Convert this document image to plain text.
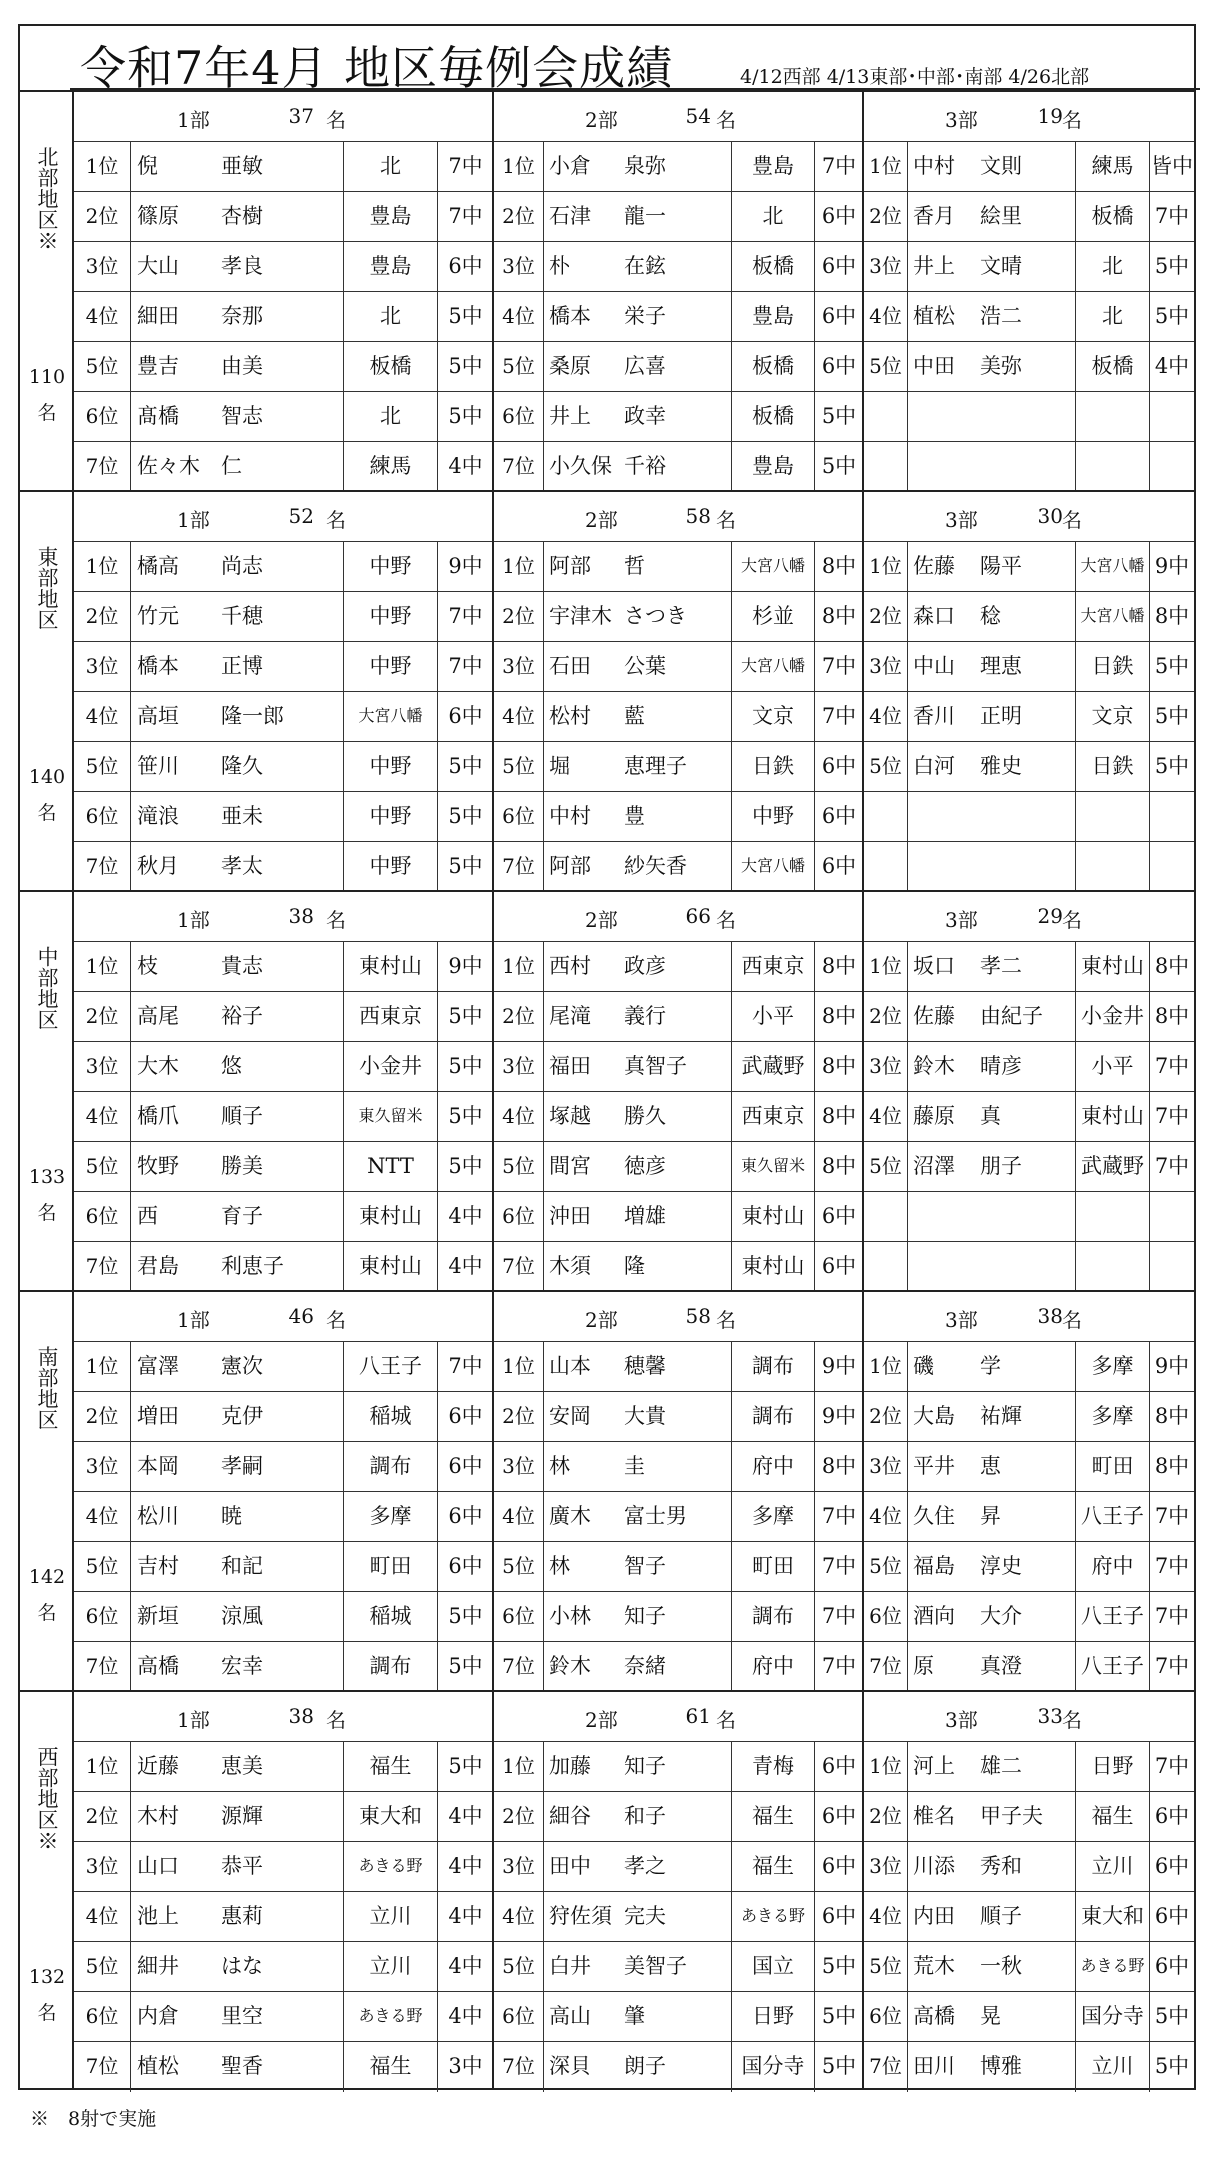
令和7年4月 地区毎例会成績	4/12西部 4/13東部･中部･南部 4/26北部
北部地区※
110
名
1部	37 名
1位 倪	亜敏	北	7中
2位 篠原	杏樹	豊島	7中
3位 大山	孝良	豊島	6中
4位 細田	奈那	北	5中
5位 豊吉	由美	板橋	5中
6位 髙橋	智志	北	5中
7位 佐々木	仁	練馬	4中
2部	54 名
1位 小倉	泉弥	豊島	7中
2位 石津	龍一	北	6中
3位 朴	在鉉	板橋	6中
4位 橋本	栄子	豊島	6中
5位 桑原	広喜	板橋	6中
6位 井上	政幸	板橋	5中
7位 小久保 千裕	豊島	5中
3部	19 名
1位 中村	文則	練馬 皆中
2位 香月	絵里	板橋	7中
3位 井上	文晴	北	5中
4位 植松	浩二	北	5中
5位 中田	美弥	板橋	4中
東部地区
140
名
1部	52 名
1位 橘高	尚志	中野	9中
2位 竹元	千穂	中野	7中
3位 橋本	正博	中野	7中
4位 高垣	隆一郎	大宮八幡	6中
5位 笹川	隆久	中野	5中
6位 滝浪	亜未	中野	5中
7位 秋月	孝太	中野	5中
2部	58 名
1位 阿部	哲	大宮八幡 8中
2位 宇津木 さつき	杉並	8中
3位 石田	公葉	大宮八幡 7中
4位 松村	藍	文京	7中
5位 堀	恵理子	日鉄	6中
6位 中村	豊	中野	6中
7位 阿部	紗矢香	大宮八幡 6中
3部	30 名
1位 佐藤	陽平	大宮八幡 9中
2位 森口	稔	大宮八幡 8中
3位 中山	理恵	日鉄	5中
4位 香川	正明	文京	5中
5位 白河	雅史	日鉄	5中
中部地区
133
名
1部	38 名
1位 枝	貴志	東村山	9中
2位 高尾	裕子	西東京	5中
3位 大木	悠	小金井	5中
4位 橋爪	順子	東久留米	5中
5位 牧野	勝美	NTT	5中
6位 西	育子	東村山	4中
7位 君島	利恵子	東村山	4中
2部	66 名
1位 西村	政彦	西東京 8中
2位 尾滝	義行	小平	8中
3位 福田	真智子	武蔵野 8中
4位 塚越	勝久	西東京 8中
5位 間宮	徳彦	東久留米 8中
6位 沖田	増雄	東村山 6中
7位 木須	隆	東村山 6中
3部	29 名
1位 坂口	孝二	東村山 8中
2位 佐藤	由紀子	小金井 8中
3位 鈴木	晴彦	小平	7中
4位 藤原	真	東村山 7中
5位 沼澤	朋子	武蔵野 7中
南部地区
142
名
1部	46 名
1位 富澤	憲次	八王子	7中
2位 増田	克伊	稲城	6中
3位 本岡	孝嗣	調布	6中
4位 松川	暁	多摩	6中
5位 吉村	和記	町田	6中
6位 新垣	涼風	稲城	5中
7位 高橋	宏幸	調布	5中
2部	58 名
1位 山本	穂馨	調布	9中
2位 安岡	大貴	調布	9中
3位 林	圭	府中	8中
4位 廣木	富士男	多摩	7中
5位 林	智子	町田	7中
6位 小林	知子	調布	7中
7位 鈴木	奈緒	府中	7中
3部	38 名
1位 磯	学	多摩	9中
2位 大島	祐輝	多摩	8中
3位 平井	恵	町田	8中
4位 久住	昇	八王子 7中
5位 福島	淳史	府中	7中
6位 酒向	大介	八王子 7中
7位 原	真澄	八王子 7中
西部地区※
132
名
1部	38 名
1位 近藤	恵美	福生	5中
2位 木村	源輝	東大和	4中
3位 山口	恭平	あきる野	4中
4位 池上	惠莉	立川	4中
5位 細井	はな	立川	4中
6位 内倉	里空	あきる野	4中
7位 植松	聖香	福生	3中
2部	61 名
1位 加藤	知子	青梅	6中
2位 細谷	和子	福生	6中
3位 田中	孝之	福生	6中
4位 狩佐須 完夫	あきる野 6中
5位 白井	美智子	国立	5中
6位 高山	肇	日野	5中
7位 深貝	朗子	国分寺 5中
3部	33 名
1位 河上	雄二	日野	7中
2位 椎名	甲子夫	福生	6中
3位 川添	秀和	立川	6中
4位 内田	順子	東大和 6中
5位 荒木	一秋	あきる野 6中
6位 高橋	晃	国分寺 5中
7位 田川	博雅	立川	5中
※　8射で実施
